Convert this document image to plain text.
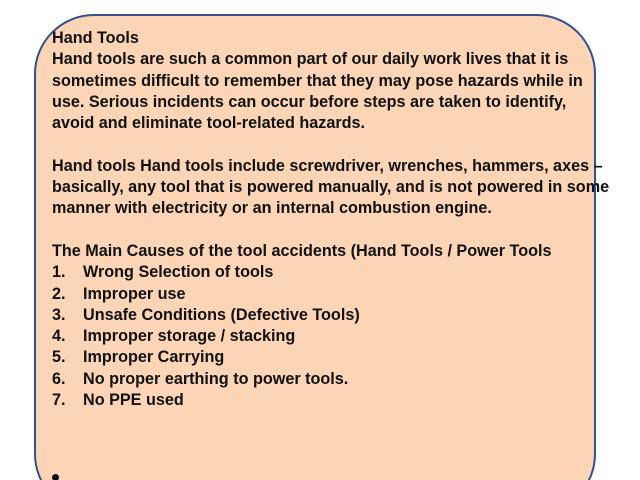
Hand Tools

Hand tools are such a common part of our daily work lives that it is sometimes difficult to remember that they may pose hazards while in use. Serious incidents can occur before steps are taken to identify, avoid and eliminate tool-related hazards.

Hand tools Hand tools include screwdriver, wrenches, hammers, axes – basically, any tool that is powered manually, and is not powered in some manner with electricity or an internal combustion engine.

The Main Causes of the tool accidents (Hand Tools / Power Tools

1.	Wrong Selection of tools
2.	Improper use
3.	Unsafe Conditions (Defective Tools)
4.	Improper storage / stacking
5.	Improper Carrying
6.	No proper earthing to power tools.
7.	No PPE used
